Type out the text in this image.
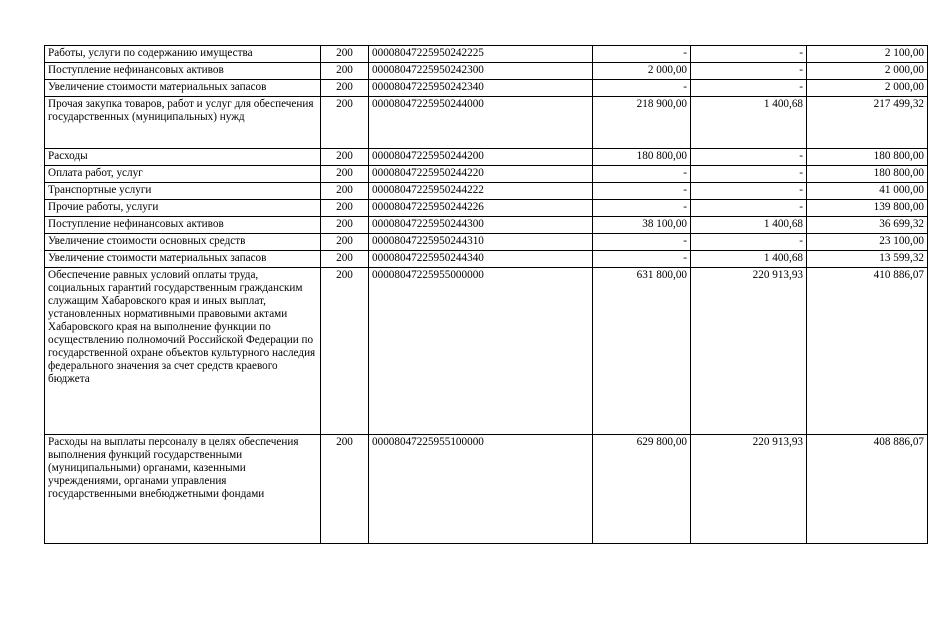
Работы, услуги по содержанию имущества	200	00008047225950242225	-	-	2 100,00
Поступление нефинансовых активов	200	00008047225950242300	2 000,00	-	2 000,00
Увеличение стоимости материальных запасов	200	00008047225950242340	-	-	2 000,00
Прочая закупка товаров, работ и услуг для обеспечения государственных (муниципальных) нужд	200	00008047225950244000	218 900,00	1 400,68	217 499,32
Расходы	200	00008047225950244200	180 800,00	-	180 800,00
Оплата работ, услуг	200	00008047225950244220	-	-	180 800,00
Транспортные услуги	200	00008047225950244222	-	-	41 000,00
Прочие работы, услуги	200	00008047225950244226	-	-	139 800,00
Поступление нефинансовых активов	200	00008047225950244300	38 100,00	1 400,68	36 699,32
Увеличение стоимости основных средств	200	00008047225950244310	-	-	23 100,00
Увеличение стоимости материальных запасов	200	00008047225950244340	-	1 400,68	13 599,32
Обеспечение равных условий оплаты труда, социальных гарантий государственным гражданским служащим Хабаровского края и иных выплат, установленных нормативными правовыми актами Хабаровского края на выполнение функции по осуществлению полномочий Российской Федерации по государственной охране объектов культурного наследия федерального значения за счет средств краевого бюджета	200	00008047225955000000	631 800,00	220 913,93	410 886,07
Расходы на выплаты персоналу в целях обеспечения выполнения функций государственными (муниципальными) органами, казенными учреждениями, органами управления государственными внебюджетными фондами	200	00008047225955100000	629 800,00	220 913,93	408 886,07
